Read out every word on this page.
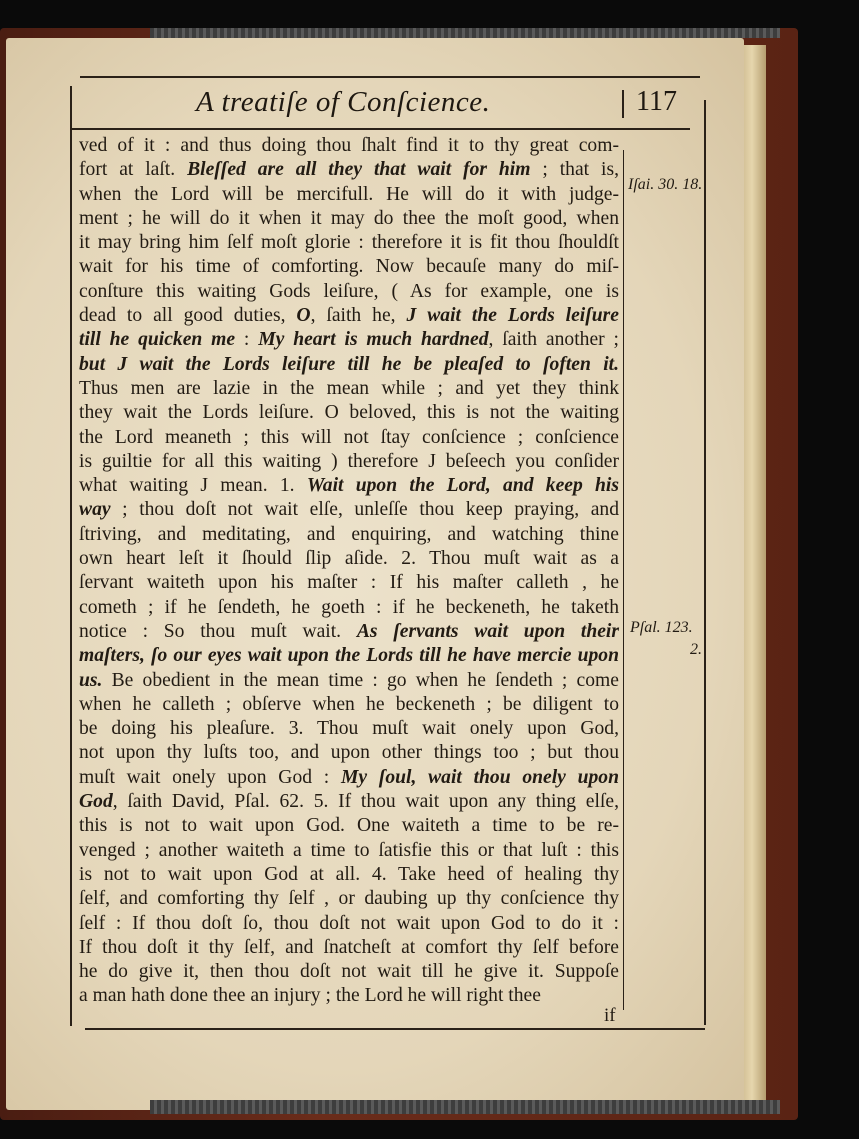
A treatiſe of Conſcience.	117
ved of it : and thus doing thou ſhalt find it to thy great com-
fort at laſt. Bleſſed are all they that wait for him ; that is,
when the Lord will be mercifull. He will do it with judge-
ment ; he will do it when it may do thee the moſt good, when
it may bring him ſelf moſt glorie : therefore it is fit thou ſhouldſt
wait for his time of comforting. Now becauſe many do miſ-
conſture this waiting Gods leiſure, ( As for example, one is
dead to all good duties, O, ſaith he, J wait the Lords leiſure
till he quicken me : My heart is much hardned, ſaith another ;
but J wait the Lords leiſure till he be pleaſed to ſoften it.
Thus men are lazie in the mean while ; and yet they think
they wait the Lords leiſure. O beloved, this is not the waiting
the Lord meaneth ; this will not ſtay conſcience ; conſcience
is guiltie for all this waiting ) therefore J beſeech you conſider
what waiting J mean. 1. Wait upon the Lord, and keep his
way ; thou doſt not wait elſe, unleſſe thou keep praying, and
ſtriving, and meditating, and enquiring, and watching thine
own heart leſt it ſhould ſlip aſide. 2. Thou muſt wait as a
ſervant waiteth upon his maſter : If his maſter calleth , he
cometh ; if he ſendeth, he goeth : if he beckeneth, he taketh
notice : So thou muſt wait. As ſervants wait upon their
maſters, ſo our eyes wait upon the Lords till he have mercie upon
us. Be obedient in the mean time : go when he ſendeth ; come
when he calleth ; obſerve when he beckeneth ; be diligent to
be doing his pleaſure. 3. Thou muſt wait onely upon God,
not upon thy luſts too, and upon other things too ; but thou
muſt wait onely upon God : My ſoul, wait thou onely upon
God, ſaith David, Pſal. 62. 5. If thou wait upon any thing elſe,
this is not to wait upon God. One waiteth a time to be re-
venged ; another waiteth a time to ſatisfie this or that luſt : this
is not to wait upon God at all. 4. Take heed of healing thy
ſelf, and comforting thy ſelf , or daubing up thy conſcience thy
ſelf : If thou doſt ſo, thou doſt not wait upon God to do it :
If thou doſt it thy ſelf, and ſnatcheſt at comfort thy ſelf before
he do give it, then thou doſt not wait till he give it. Suppoſe
a man hath done thee an injury ; the Lord he will right thee
if
Iſai. 30. 18.
Pſal. 123.
2.
